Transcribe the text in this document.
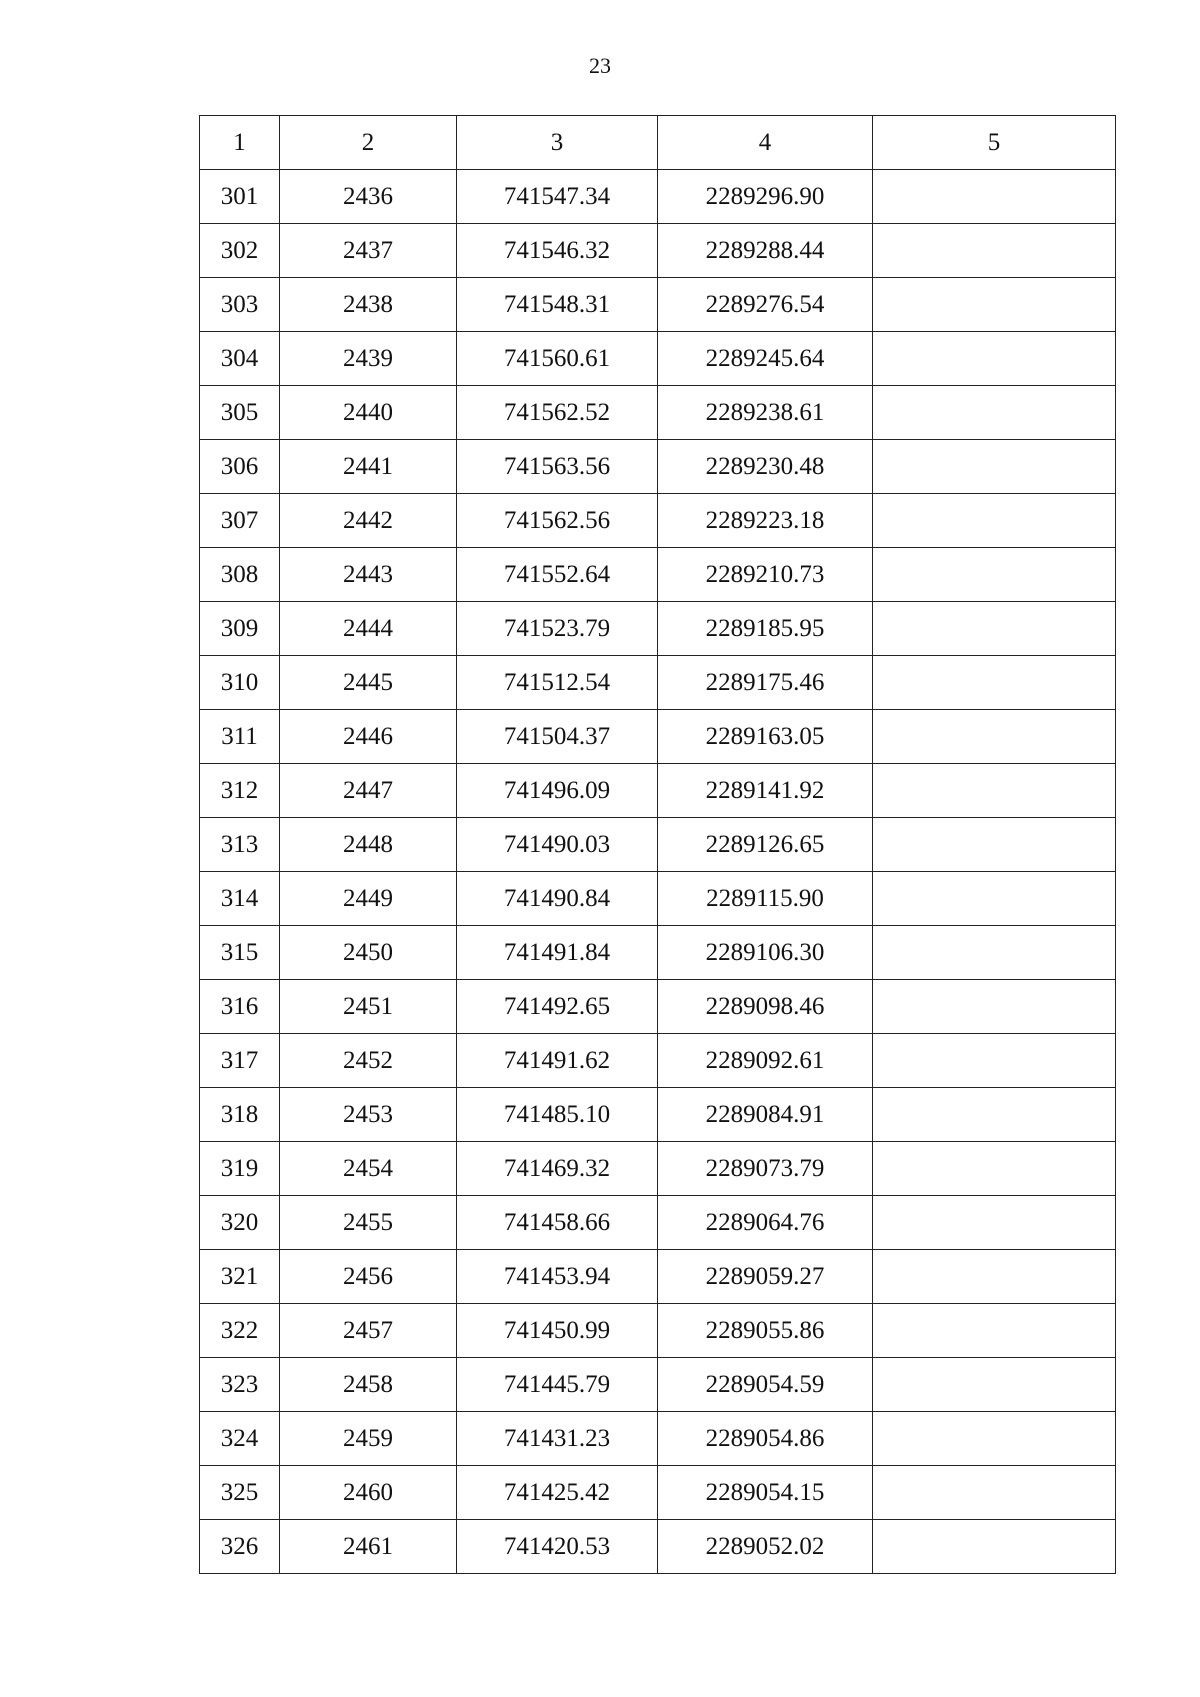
23
1	2	3	4	5
301	2436	741547.34	2289296.90	
302	2437	741546.32	2289288.44	
303	2438	741548.31	2289276.54	
304	2439	741560.61	2289245.64	
305	2440	741562.52	2289238.61	
306	2441	741563.56	2289230.48	
307	2442	741562.56	2289223.18	
308	2443	741552.64	2289210.73	
309	2444	741523.79	2289185.95	
310	2445	741512.54	2289175.46	
311	2446	741504.37	2289163.05	
312	2447	741496.09	2289141.92	
313	2448	741490.03	2289126.65	
314	2449	741490.84	2289115.90	
315	2450	741491.84	2289106.30	
316	2451	741492.65	2289098.46	
317	2452	741491.62	2289092.61	
318	2453	741485.10	2289084.91	
319	2454	741469.32	2289073.79	
320	2455	741458.66	2289064.76	
321	2456	741453.94	2289059.27	
322	2457	741450.99	2289055.86	
323	2458	741445.79	2289054.59	
324	2459	741431.23	2289054.86	
325	2460	741425.42	2289054.15	
326	2461	741420.53	2289052.02	
